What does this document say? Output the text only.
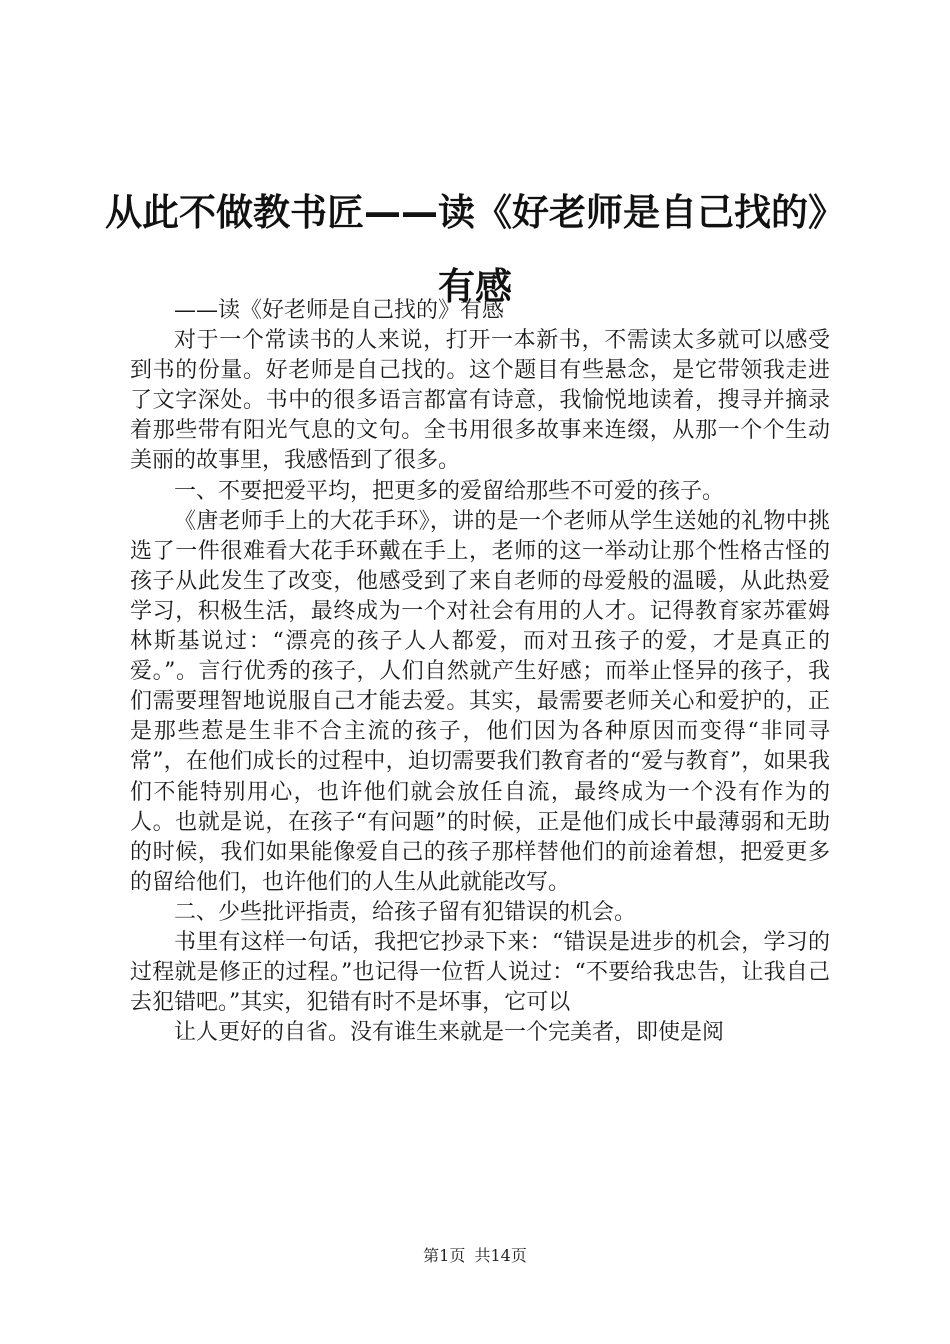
从此不做教书匠——读《好老师是自己找的》
有感

——读《好老师是自己找的》有感

对于一个常读书的人来说，打开一本新书，不需读太多就可以感受到书的份量。好老师是自己找的。这个题目有些悬念，是它带领我走进了文字深处。书中的很多语言都富有诗意，我愉悦地读着，搜寻并摘录着那些带有阳光气息的文句。全书用很多故事来连缀，从那一个个生动美丽的故事里，我感悟到了很多。

一、不要把爱平均，把更多的爱留给那些不可爱的孩子。

《唐老师手上的大花手环》，讲的是一个老师从学生送她的礼物中挑选了一件很难看大花手环戴在手上，老师的这一举动让那个性格古怪的孩子从此发生了改变，他感受到了来自老师的母爱般的温暖，从此热爱学习，积极生活，最终成为一个对社会有用的人才。记得教育家苏霍姆林斯基说过：“漂亮的孩子人人都爱，而对丑孩子的爱，才是真正的爱。”。言行优秀的孩子，人们自然就产生好感；而举止怪异的孩子，我们需要理智地说服自己才能去爱。其实，最需要老师关心和爱护的，正是那些惹是生非不合主流的孩子，他们因为各种原因而变得“非同寻常”，在他们成长的过程中，迫切需要我们教育者的“爱与教育”，如果我们不能特别用心，也许他们就会放任自流，最终成为一个没有作为的人。也就是说，在孩子“有问题”的时候，正是他们成长中最薄弱和无助的时候，我们如果能像爱自己的孩子那样替他们的前途着想，把爱更多的留给他们，也许他们的人生从此就能改写。

二、少些批评指责，给孩子留有犯错误的机会。

书里有这样一句话，我把它抄录下来：“错误是进步的机会，学习的过程就是修正的过程。”也记得一位哲人说过：“不要给我忠告，让我自己去犯错吧。”其实，犯错有时不是坏事，它可以

让人更好的自省。没有谁生来就是一个完美者，即使是阅

第1页 共14页
